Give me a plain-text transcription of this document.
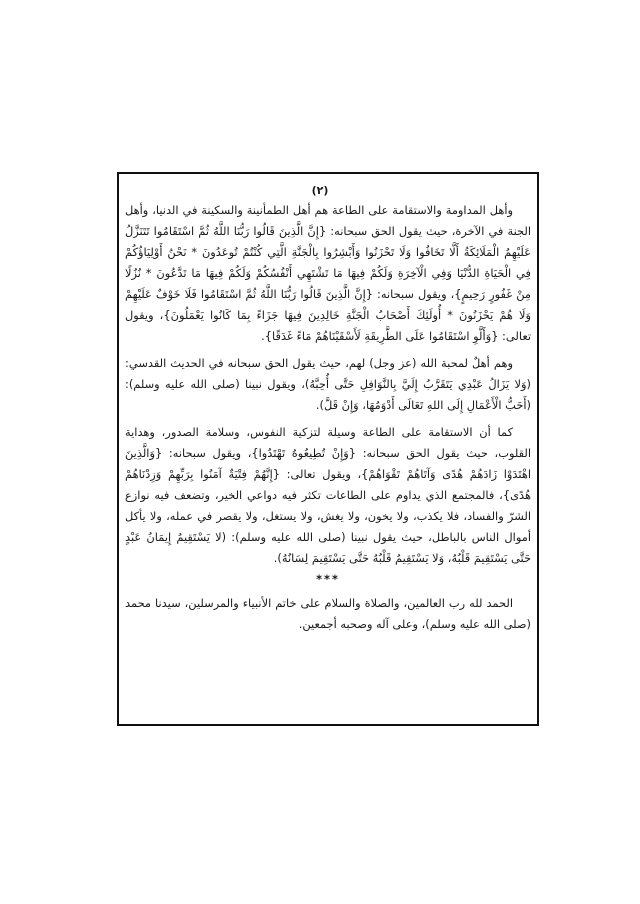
(٢)

وأهل المداومة والاستقامة على الطاعة هم أهل الطمأنينة والسكينة في الدنيا، وأهل الجنة في الآخرة، حيث يقول الحق سبحانه: {إِنَّ الَّذِينَ قَالُوا رَبُّنَا اللَّهُ ثُمَّ اسْتَقَامُوا تَتَنَزَّلُ عَلَيْهِمُ الْمَلَائِكَةُ أَلَّا تَخَافُوا وَلَا تَحْزَنُوا وَأَبْشِرُوا بِالْجَنَّةِ الَّتِي كُنْتُمْ تُوعَدُونَ * نَحْنُ أَوْلِيَاؤُكُمْ فِي الْحَيَاةِ الدُّنْيَا وَفِي الْآخِرَةِ وَلَكُمْ فِيهَا مَا تَشْتَهِي أَنْفُسُكُمْ وَلَكُمْ فِيهَا مَا تَدَّعُونَ * نُزُلًا مِنْ غَفُورٍ رَحِيمٍ}، ويقول سبحانه: {إِنَّ الَّذِينَ قَالُوا رَبُّنَا اللَّهُ ثُمَّ اسْتَقَامُوا فَلَا خَوْفٌ عَلَيْهِمْ وَلَا هُمْ يَحْزَنُونَ * أُولَئِكَ أَصْحَابُ الْجَنَّةِ خَالِدِينَ فِيهَا جَزَاءً بِمَا كَانُوا يَعْمَلُونَ}، ويقول تعالى: {وَأَلَّوِ اسْتَقَامُوا عَلَى الطَّرِيقَةِ لَأَسْقَيْنَاهُمْ مَاءً غَدَقًا}.

وهم أهلٌ لمحبة الله (عز وجل) لهم، حيث يقول الحق سبحانه في الحديث القدسي: (وَلا يَزَالُ عَبْدِي يَتَقَرَّبُ إِلَيَّ بِالنَّوَافِلِ حَتَّى أُحِبَّهُ)، ويقول نبينا (صلى الله عليه وسلم): (أَحَبُّ الْأَعْمَالِ إِلَى اللهِ تَعَالَى أَدْوَمُهَا، وَإِنْ قَلَّ).

كما أن الاستقامة على الطاعة وسيلة لتزكية النفوس، وسلامة الصدور، وهداية القلوب، حيث يقول الحق سبحانه: {وَإِنْ تُطِيعُوهُ تَهْتَدُوا}، ويقول سبحانه: {وَالَّذِينَ اهْتَدَوْا زَادَهُمْ هُدًى وَآتَاهُمْ تَقْوَاهُمْ}، ويقول تعالى: {إِنَّهُمْ فِتْيَةٌ آمَنُوا بِرَبِّهِمْ وَزِدْنَاهُمْ هُدًى}، فالمجتمع الذي يداوم على الطاعات تكثر فيه دواعي الخير، وتضعف فيه نوازع الشرّ والفساد، فلا يكذب، ولا يخون، ولا يغش، ولا يستغل، ولا يقصر في عمله، ولا يأكل أموال الناس بالباطل، حيث يقول نبينا (صلى الله عليه وسلم): (لا يَسْتَقِيمُ إِيمَانُ عَبْدٍ حَتَّى يَسْتَقِيمَ قَلْبُهُ، وَلا يَسْتَقِيمُ قَلْبُهُ حَتَّى يَسْتَقِيمَ لِسَانُهُ).

***

الحمد لله رب العالمين، والصلاة والسلام على خاتم الأنبياء والمرسلين، سيدنا محمد (صلى الله عليه وسلم)، وعلى آله وصحبه أجمعين.
